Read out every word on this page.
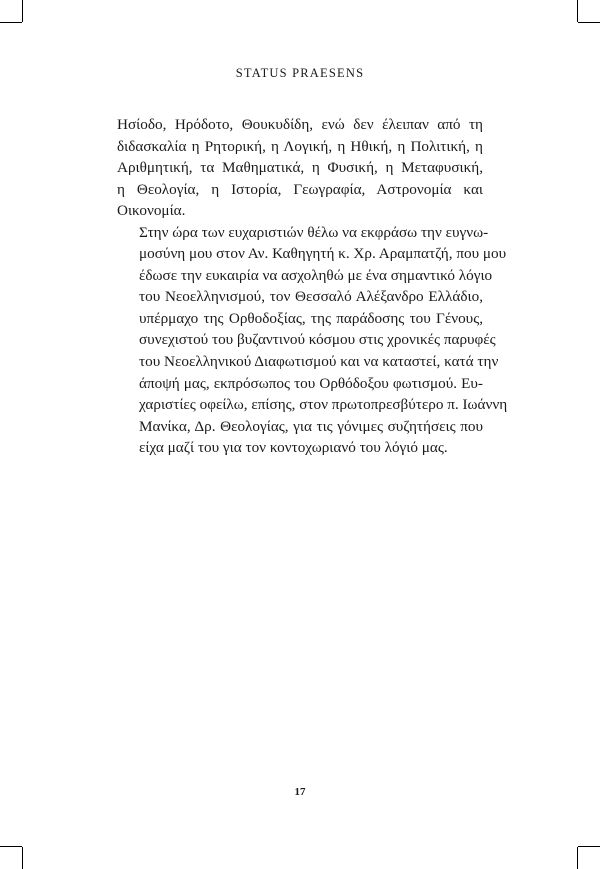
STATUS PRAESENS

Ησίοδο, Ηρόδοτο, Θουκυδίδη, ενώ δεν έλειπαν από τη
διδασκαλία η Ρητορική, η Λογική, η Ηθική, η Πολιτική, η
Αριθμητική, τα Μαθηματικά, η Φυσική, η Μεταφυσική,
η Θεολογία, η Ιστορία, Γεωγραφία, Αστρονομία και
Οικονομία.

Στην ώρα των ευχαριστιών θέλω να εκφράσω την ευγνω-
μοσύνη μου στον Αν. Καθηγητή κ. Χρ. Αραμπατζή, που μου
έδωσε την ευκαιρία να ασχοληθώ με ένα σημαντικό λόγιο
του Νεοελληνισμού, τον Θεσσαλό Αλέξανδρο Ελλάδιο,
υπέρμαχο της Ορθοδοξίας, της παράδοσης του Γένους,
συνεχιστού του βυζαντινού κόσμου στις χρονικές παρυφές
του Νεοελληνικού Διαφωτισμού και να καταστεί, κατά την
άποψή μας, εκπρόσωπος του Ορθόδοξου φωτισμού. Ευ-
χαριστίες οφείλω, επίσης, στον πρωτοπρεσβύτερο π. Ιωάννη
Μανίκα, Δρ. Θεολογίας, για τις γόνιμες συζητήσεις που
είχα μαζί του για τον κοντοχωριανό του λόγιό μας.

17
